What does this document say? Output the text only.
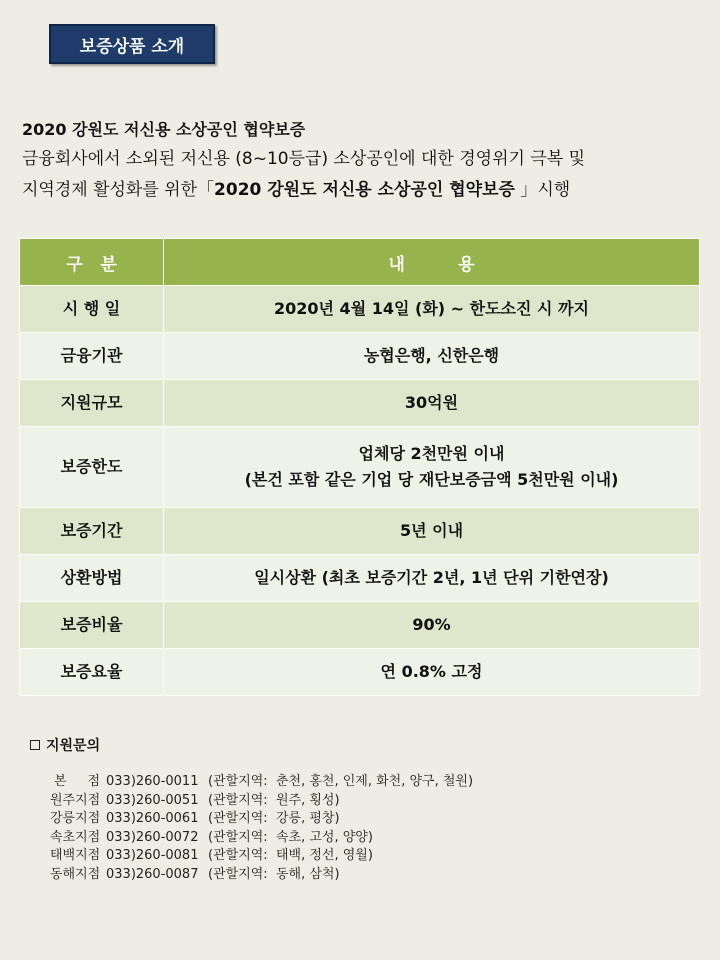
보증상품 소개
2020 강원도 저신용 소상공인 협약보증
금융회사에서 소외된 저신용 (8~10등급) 소상공인에 대한 경영위기 극복 및
지역경제 활성화를 위한「2020 강원도 저신용 소상공인 협약보증 」시행
구   분	내         용
시 행 일	2020년 4월 14일 (화) ~ 한도소진 시 까지
금융기관	농협은행, 신한은행
지원규모	30억원
보증한도	업체당 2천만원 이내
(본건 포함 같은 기업 당 재단보증금액 5천만원 이내)

보증기간	5년 이내
상환방법	일시상환 (최초 보증기간 2년, 1년 단위 기한연장)
보증비율	90%
보증요율	연 0.8% 고정
지원문의
본 점 033)260-0011 (관할지역:  춘천, 홍천, 인제, 화천, 양구, 철원)
원주지점 033)260-0051 (관할지역:  원주, 횡성)
강릉지점 033)260-0061 (관할지역:  강릉, 평창)
속초지점 033)260-0072 (관할지역:  속초, 고성, 양양)
태백지점 033)260-0081 (관할지역:  태백, 정선, 영월)
동해지점 033)260-0087 (관할지역:  동해, 삼척)
